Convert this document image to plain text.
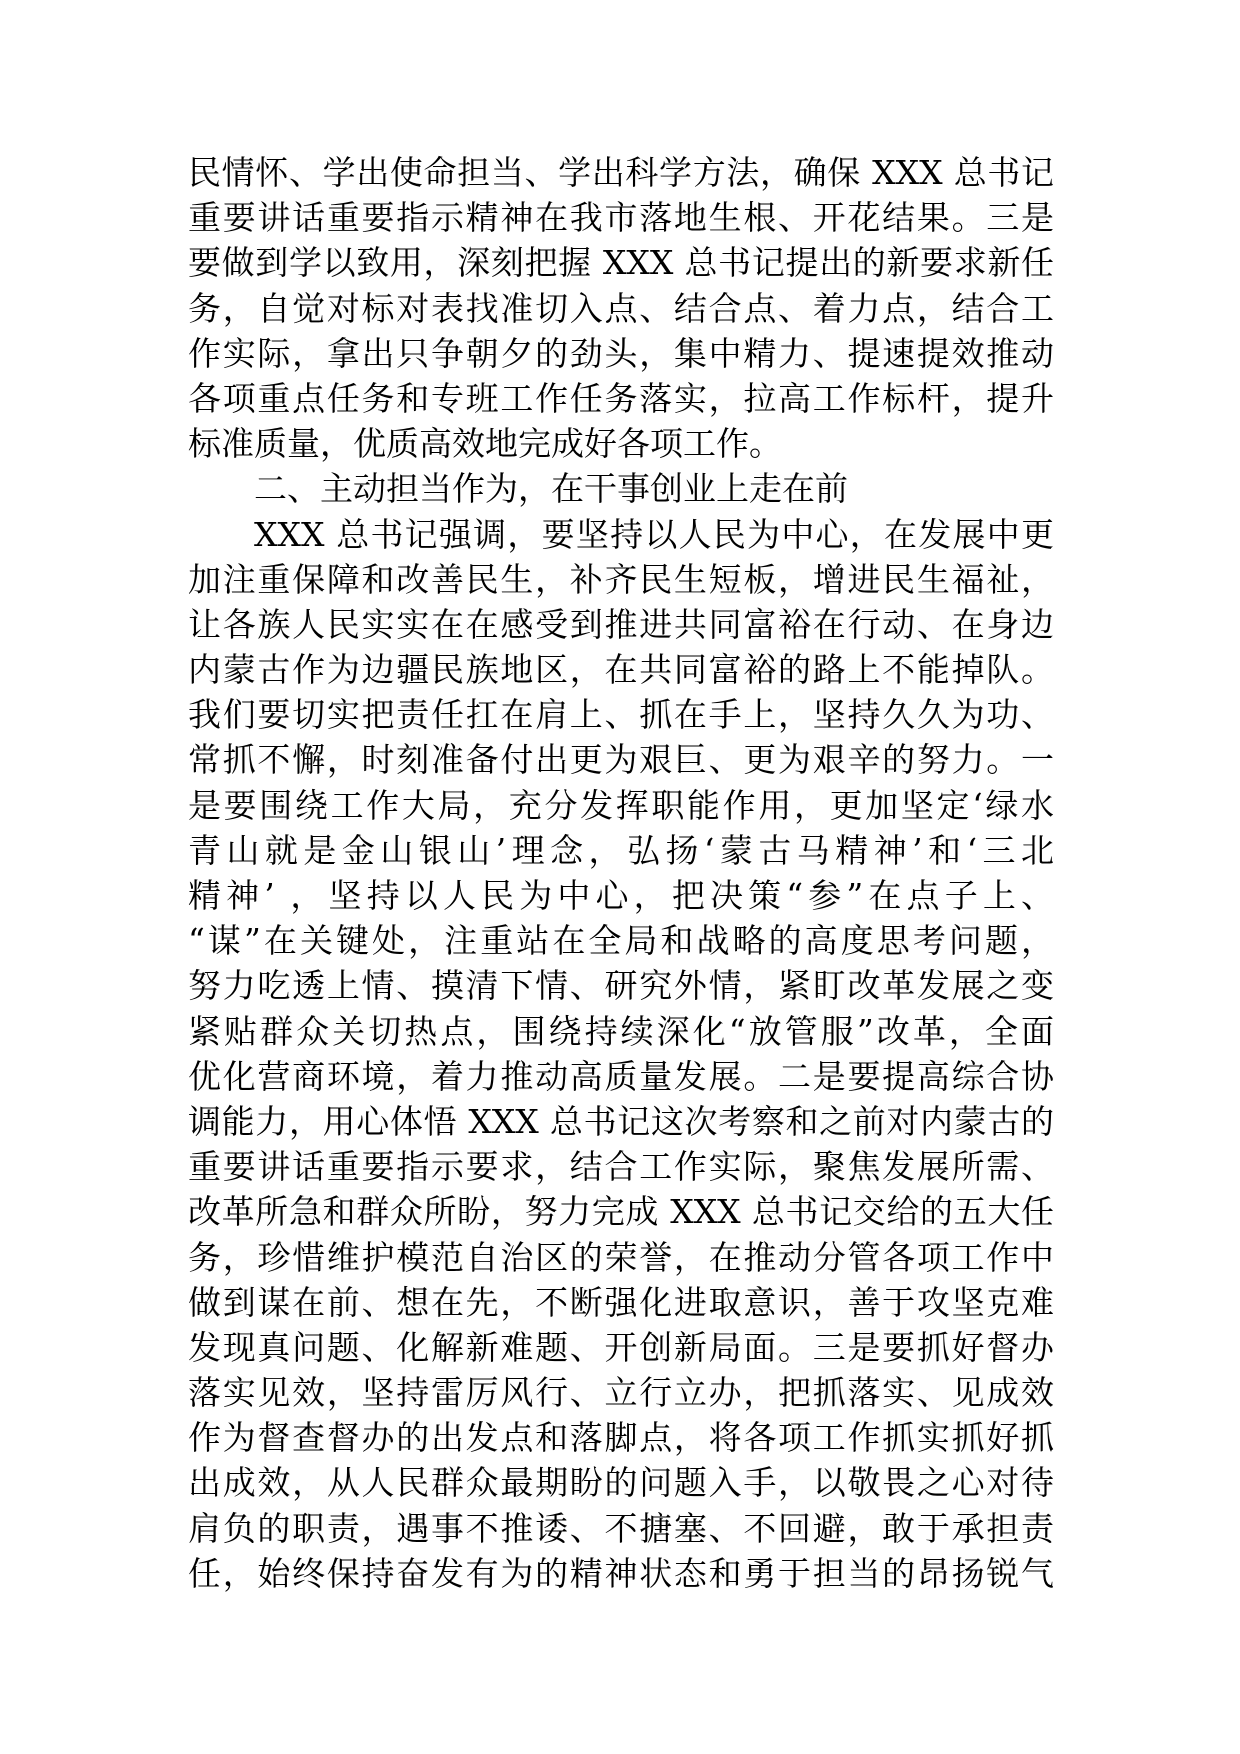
民情怀、学出使命担当、学出科学方法，确保 XXX 总书记
重要讲话重要指示精神在我市落地生根、开花结果。三是
要做到学以致用，深刻把握 XXX 总书记提出的新要求新任
务，自觉对标对表找准切入点、结合点、着力点，结合工
作实际，拿出只争朝夕的劲头，集中精力、提速提效推动
各项重点任务和专班工作任务落实，拉高工作标杆，提升
标准质量，优质高效地完成好各项工作。
二、主动担当作为，在干事创业上走在前
XXX 总书记强调，要坚持以人民为中心，在发展中更
加注重保障和改善民生，补齐民生短板，增进民生福祉，
让各族人民实实在在感受到推进共同富裕在行动、在身边
内蒙古作为边疆民族地区，在共同富裕的路上不能掉队。
我们要切实把责任扛在肩上、抓在手上，坚持久久为功、
常抓不懈，时刻准备付出更为艰巨、更为艰辛的努力。一
是要围绕工作大局，充分发挥职能作用，更加坚定‘绿水
青山就是金山银山’理念，弘扬‘蒙古马精神’和‘三北
精神’ ，坚持以人民为中心，把决策“参”在点子上、
“谋”在关键处，注重站在全局和战略的高度思考问题，
努力吃透上情、摸清下情、研究外情，紧盯改革发展之变
紧贴群众关切热点，围绕持续深化“放管服”改革，全面
优化营商环境，着力推动高质量发展。二是要提高综合协
调能力，用心体悟 XXX 总书记这次考察和之前对内蒙古的
重要讲话重要指示要求，结合工作实际，聚焦发展所需、
改革所急和群众所盼，努力完成 XXX 总书记交给的五大任
务，珍惜维护模范自治区的荣誉，在推动分管各项工作中
做到谋在前、想在先，不断强化进取意识，善于攻坚克难
发现真问题、化解新难题、开创新局面。三是要抓好督办
落实见效，坚持雷厉风行、立行立办，把抓落实、见成效
作为督查督办的出发点和落脚点，将各项工作抓实抓好抓
出成效，从人民群众最期盼的问题入手，以敬畏之心对待
肩负的职责，遇事不推诿、不搪塞、不回避，敢于承担责
任，始终保持奋发有为的精神状态和勇于担当的昂扬锐气
